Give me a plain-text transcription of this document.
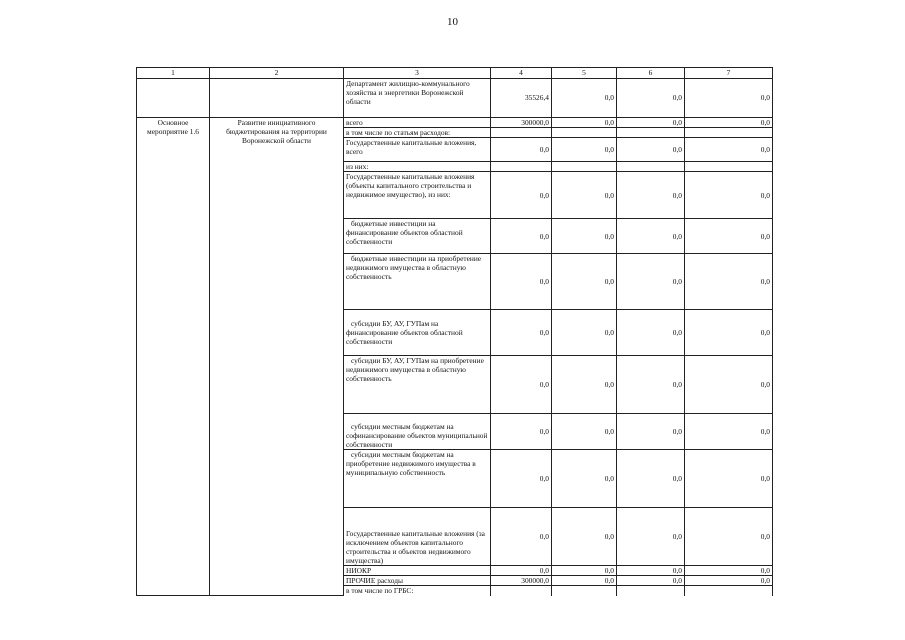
10
1	2	3	4	5	6	7
		Департамент жилищно-коммунального хозяйства и энергетики Воронежской области	35526,4	0,0	0,0	0,0
Основное мероприятие 1.6	Развитие инициативного бюджетирования на территории Воронежской области	всего	300000,0	0,0	0,0	0,0
		в том числе по статьям расходов:				
		Государственные капитальные вложения, всего	0,0	0,0	0,0	0,0
		из них:				
		Государственные капитальные вложения (объекты капитального строительства и недвижимое имущество), из них:	0,0	0,0	0,0	0,0
		бюджетные инвестиции на финансирование объектов областной собственности	0,0	0,0	0,0	0,0
		бюджетные инвестиции на приобретение недвижимого имущества в областную собственность	0,0	0,0	0,0	0,0
		субсидии БУ, АУ, ГУПам на финансирование объектов областной собственности	0,0	0,0	0,0	0,0
		субсидии БУ, АУ, ГУПам на приобретение недвижимого имущества в областную собственность	0,0	0,0	0,0	0,0
		субсидии местным бюджетам на софинансирование объектов муниципальной собственности	0,0	0,0	0,0	0,0
		субсидии местным бюджетам на приобретение недвижимого имущества в муниципальную собственность	0,0	0,0	0,0	0,0
		Государственные капитальные вложения (за исключением объектов капитального строительства и объектов недвижимого имущества)	0,0	0,0	0,0	0,0
		НИОКР	0,0	0,0	0,0	0,0
		ПРОЧИЕ расходы	300000,0	0,0	0,0	0,0
		в том числе по ГРБС:				
